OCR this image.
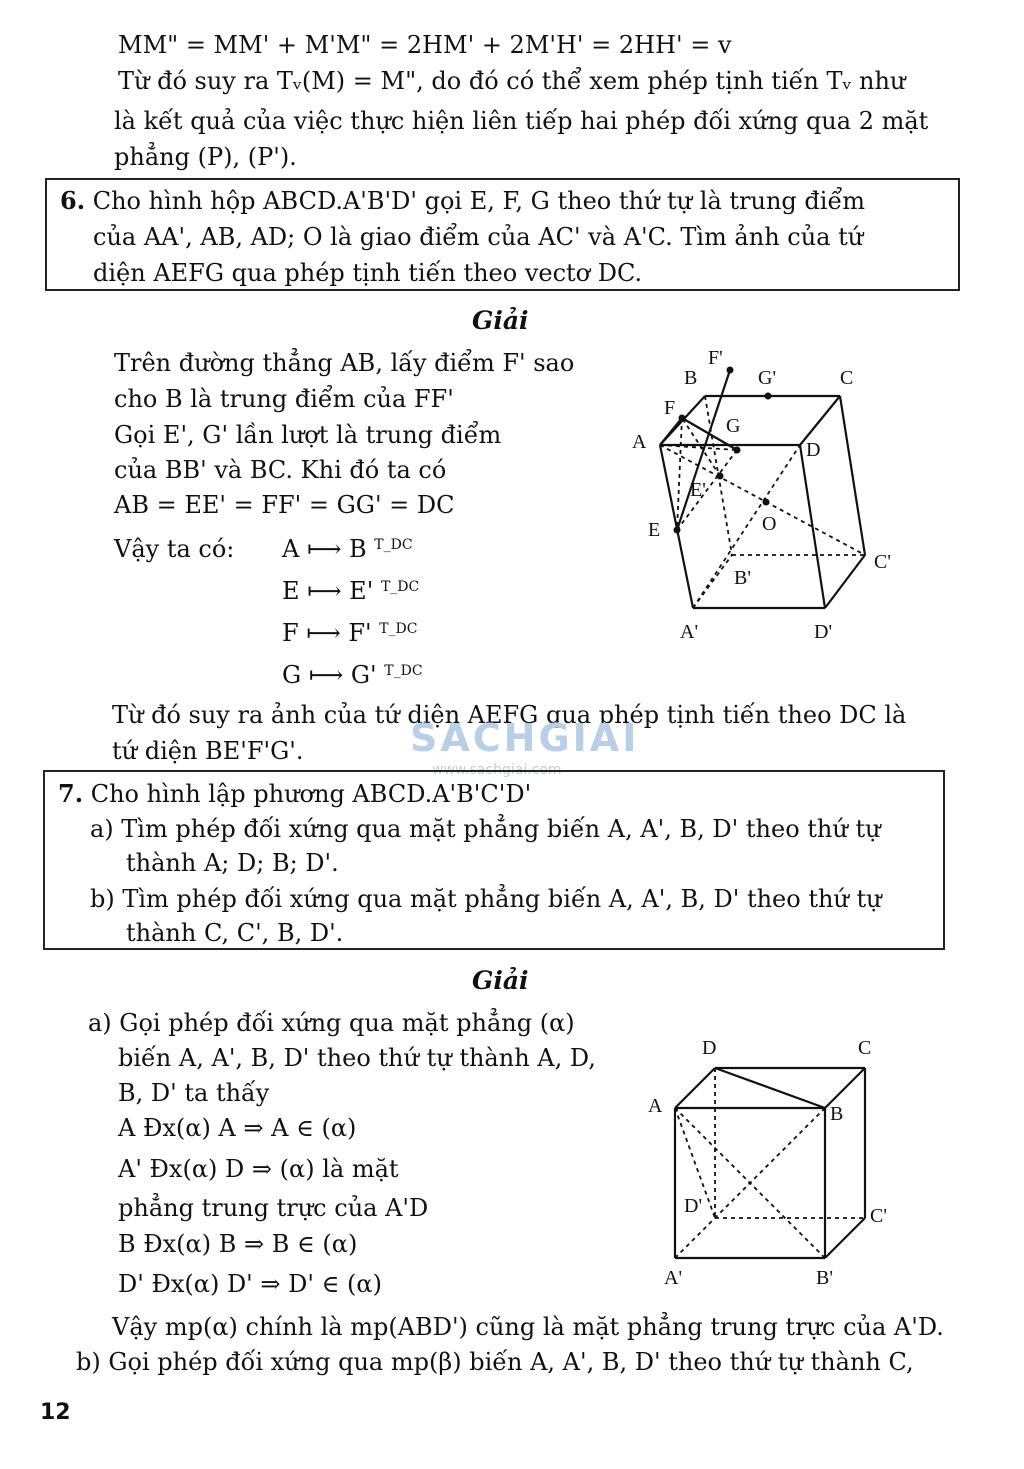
MM" = MM' + M'M" = 2HM' + 2M'H' = 2HH' = v
Từ đó suy ra Tᵥ(M) = M", do đó có thể xem phép tịnh tiến Tᵥ như
là kết quả của việc thực hiện liên tiếp hai phép đối xứng qua 2 mặt
phẳng (P), (P').
6. Cho hình hộp ABCD.A'B'D' gọi E, F, G theo thứ tự là trung điểm
của AA', AB, AD; O là giao điểm của AC' và A'C. Tìm ảnh của tứ
diện AEFG qua phép tịnh tiến theo vectơ DC.
Giải
Trên đường thẳng AB, lấy điểm F' sao
cho B là trung điểm của FF'
Gọi E', G' lần lượt là trung điểm
của BB' và BC. Khi đó ta có
AB = EE' = FF' = GG' = DC
Vậy ta có: A ⟼ B T_DC
E ⟼ E' T_DC
F ⟼ F' T_DC
G ⟼ G' T_DC
Từ đó suy ra ảnh của tứ diện AEFG qua phép tịnh tiến theo DC là
tứ diện BE'F'G'.
F'
B	G'	C
F
A
G
D
E'
O
E
C'
B'
A'	D'
SACHGIAI
www.sachgiai.com
7. Cho hình lập phương ABCD.A'B'C'D'
a) Tìm phép đối xứng qua mặt phẳng biến A, A', B, D' theo thứ tự
thành A; D; B; D'.
b) Tìm phép đối xứng qua mặt phẳng biến A, A', B, D' theo thứ tự
thành C, C', B, D'.
Giải
a) Gọi phép đối xứng qua mặt phẳng (α)
biến A, A', B, D' theo thứ tự thành A, D,
B, D' ta thấy
A Đx(α) A ⇒ A ∈ (α)
A' Đx(α) D ⇒ (α) là mặt
phẳng trung trực của A'D
B Đx(α) B ⇒ B ∈ (α)
D' Đx(α) D' ⇒ D' ∈ (α)
Vậy mp(α) chính là mp(ABD') cũng là mặt phẳng trung trực của A'D.
b) Gọi phép đối xứng qua mp(β) biến A, A', B, D' theo thứ tự thành C,
D	C
A	B
D'	C'
A'	B'
12
